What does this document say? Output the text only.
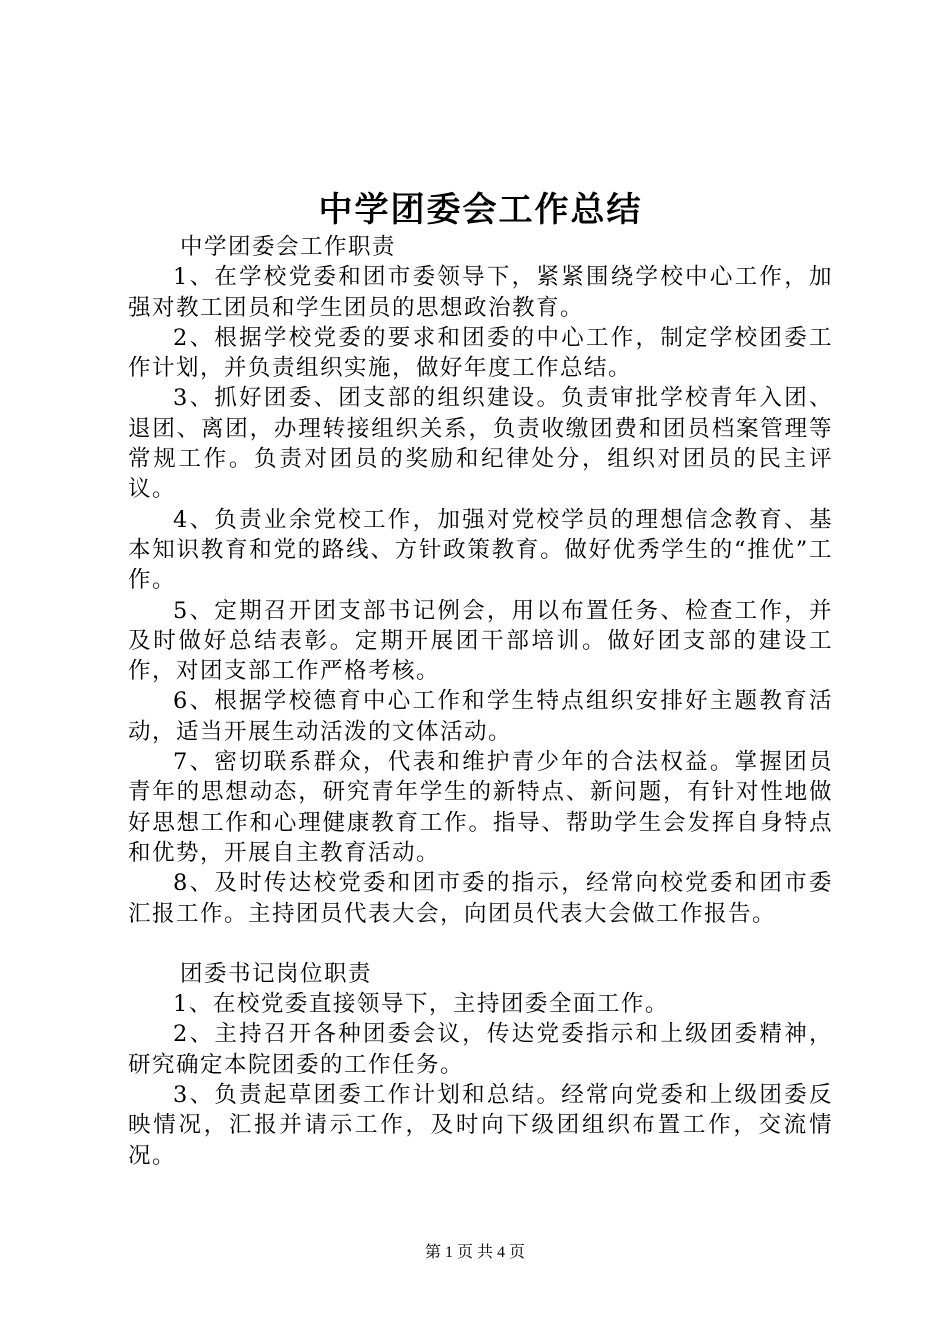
中学团委会工作总结

中学团委会工作职责

1、在学校党委和团市委领导下，紧紧围绕学校中心工作，加强对教工团员和学生团员的思想政治教育。

2、根据学校党委的要求和团委的中心工作，制定学校团委工作计划，并负责组织实施，做好年度工作总结。

3、抓好团委、团支部的组织建设。负责审批学校青年入团、退团、离团，办理转接组织关系，负责收缴团费和团员档案管理等常规工作。负责对团员的奖励和纪律处分，组织对团员的民主评议。

4、负责业余党校工作，加强对党校学员的理想信念教育、基本知识教育和党的路线、方针政策教育。做好优秀学生的“推优”工作。

5、定期召开团支部书记例会，用以布置任务、检查工作，并及时做好总结表彰。定期开展团干部培训。做好团支部的建设工作，对团支部工作严格考核。

6、根据学校德育中心工作和学生特点组织安排好主题教育活动，适当开展生动活泼的文体活动。

7、密切联系群众，代表和维护青少年的合法权益。掌握团员青年的思想动态，研究青年学生的新特点、新问题，有针对性地做好思想工作和心理健康教育工作。指导、帮助学生会发挥自身特点和优势，开展自主教育活动。

8、及时传达校党委和团市委的指示，经常向校党委和团市委汇报工作。主持团员代表大会，向团员代表大会做工作报告。

团委书记岗位职责

1、在校党委直接领导下，主持团委全面工作。

2、主持召开各种团委会议，传达党委指示和上级团委精神，研究确定本院团委的工作任务。

3、负责起草团委工作计划和总结。经常向党委和上级团委反映情况，汇报并请示工作，及时向下级团组织布置工作，交流情况。

第 1 页 共 4 页
